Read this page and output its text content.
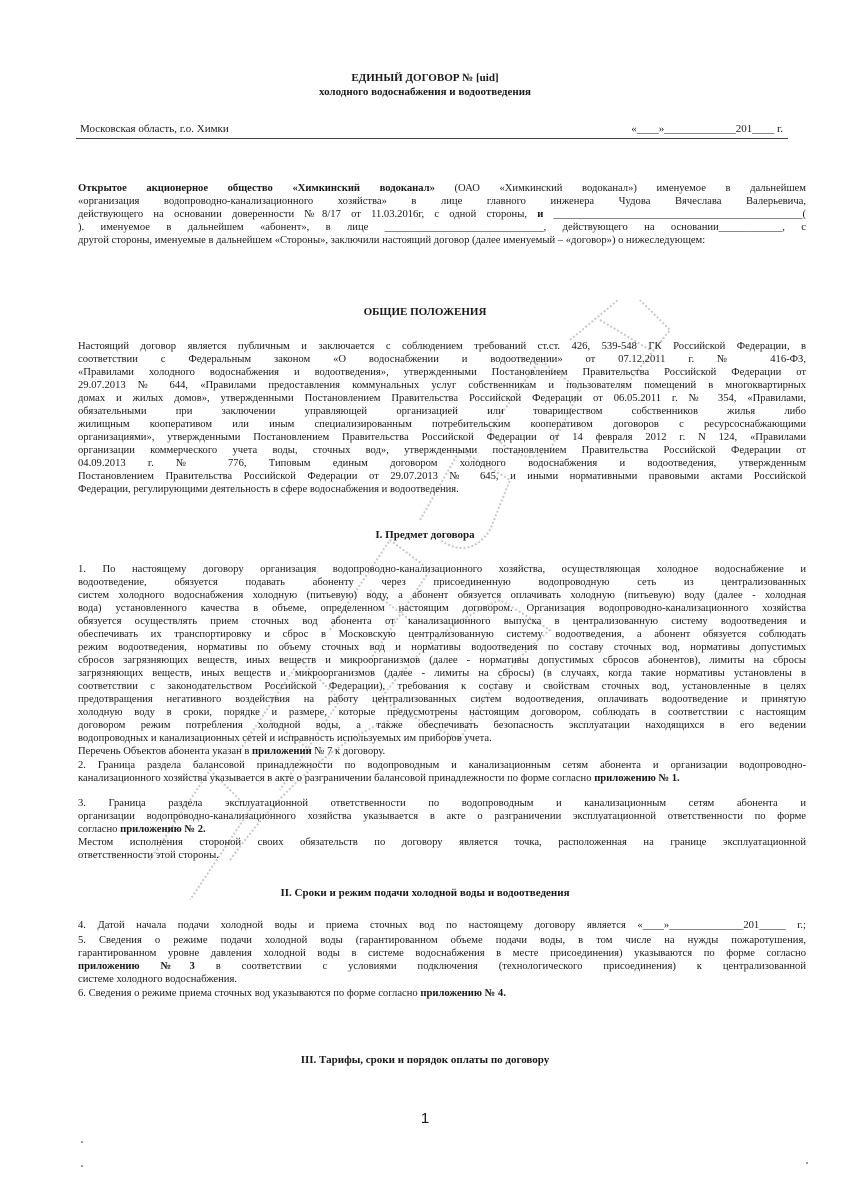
ЕДИНЫЙ ДОГОВОР № [uid]
холодного водоснабжения и водоотведения
Московская область, г.о. Химки	«____»_____________201____ г.
Открытое акционерное общество «Химкинский водоканал» (ОАО «Химкинский водоканал») именуемое в дальнейшем
«организация водопроводно-канализационного хозяйства» в лице главного инженера Чудова Вячеслава Валерьевича,
действующего на основании доверенности №8/17 от 11.03.2016г, с одной стороны, и _______________________________________________(
). именуемое в дальнейшем «абонент», в лице ______________________________, действующего на основании____________, с
другой стороны, именуемые в дальнейшем «Стороны», заключили настоящий договор (далее именуемый – «договор») о нижеследующем:
ОБЩИЕ ПОЛОЖЕНИЯ
Настоящий договор является публичным и заключается с соблюдением требований ст.ст. 426, 539-548 ГК Российской Федерации, в
соответствии с Федеральным законом «О водоснабжении и водоотведении» от 07.12.2011 г. № 416-ФЗ,
«Правилами холодного водоснабжения и водоотведения», утвержденными Постановлением Правительства Российской Федерации от
29.07.2013 № 644, «Правилами предоставления коммунальных услуг собственникам и пользователям помещений в многоквартирных
домах и жилых домов», утвержденными Постановлением Правительства Российской Федерации от 06.05.2011 г. № 354, «Правилами,
обязательными при заключении управляющей организацией или товариществом собственников жилья либо
жилищным кооперативом или иным специализированным потребительским кооперативом договоров с ресурсоснабжающими
организациями», утвержденными Постановлением Правительства Российской Федерации от 14 февраля 2012 г. N 124, «Правилами
организации коммерческого учета воды, сточных вод», утвержденными постановлением Правительства Российской Федерации от
04.09.2013 г. № 776, Типовым единым договором холодного водоснабжения и водоотведения, утвержденным
Постановлением Правительства Российской Федерации от 29.07.2013 № 645, и иными нормативными правовыми актами Российской
Федерации, регулирующими деятельность в сфере водоснабжения и водоотведения.
I. Предмет договора
1. По настоящему договору организация водопроводно-канализационного хозяйства, осуществляющая холодное водоснабжение и
водоотведение, обязуется подавать абоненту через присоединенную водопроводную сеть из централизованных
систем холодного водоснабжения холодную (питьевую) воду, а абонент обязуется оплачивать холодную (питьевую) воду (далее - холодная
вода) установленного качества в объеме, определенном настоящим договором. Организация водопроводно-канализационного хозяйства
обязуется осуществлять прием сточных вод абонента от канализационного выпуска в централизованную систему водоотведения и
обеспечивать их транспортировку и сброс в Московскую централизованную систему водоотведения, а абонент обязуется соблюдать
режим водоотведения, нормативы по объему сточных вод и нормативы водоотведения по составу сточных вод, нормативы допустимых
сбросов загрязняющих веществ, иных веществ и микроорганизмов (далее - нормативы допустимых сбросов абонентов), лимиты на сбросы
загрязняющих веществ, иных веществ и микроорганизмов (далее - лимиты на сбросы) (в случаях, когда такие нормативы установлены в
соответствии с законодательством Российской Федерации), требования к составу и свойствам сточных вод, установленные в целях
предотвращения негативного воздействия на работу централизованных систем водоотведения, оплачивать водоотведение и принятую
холодную воду в сроки, порядке и размере, которые предусмотрены настоящим договором, соблюдать в соответствии с настоящим
договором режим потребления холодной воды, а также обеспечивать безопасность эксплуатации находящихся в его ведении
водопроводных и канализационных сетей и исправность используемых им приборов учета.
Перечень Объектов абонента указан в приложении № 7 к договору.
2. Граница раздела балансовой принадлежности по водопроводным и канализационным сетям абонента и организации водопроводно-
канализационного хозяйства указывается в акте о разграничении балансовой принадлежности по форме согласно приложению № 1.
3. Граница раздела эксплуатационной ответственности по водопроводным и канализационным сетям абонента и
организации водопроводно-канализационного хозяйства указывается в акте о разграничении эксплуатационной ответственности по форме
согласно приложению № 2.
Местом исполнения стороной своих обязательств по договору является точка, расположенная на границе эксплуатационной
ответственности этой стороны.
II. Сроки и режим подачи холодной воды и водоотведения
4. Датой начала подачи холодной воды и приема сточных вод по настоящему договору является «____»______________201_____ г.;
5. Сведения о режиме подачи холодной воды (гарантированном объеме подачи воды, в том числе на нужды пожаротушения,
гарантированном уровне давления холодной воды в системе водоснабжения в месте присоединения) указываются по форме согласно
приложению №3 в соответствии с условиями подключения (технологического присоединения) к централизованной
системе холодного водоснабжения.
6. Сведения о режиме приема сточных вод указываются по форме согласно приложению № 4.
III. Тарифы, сроки и порядок оплаты по договору
1
